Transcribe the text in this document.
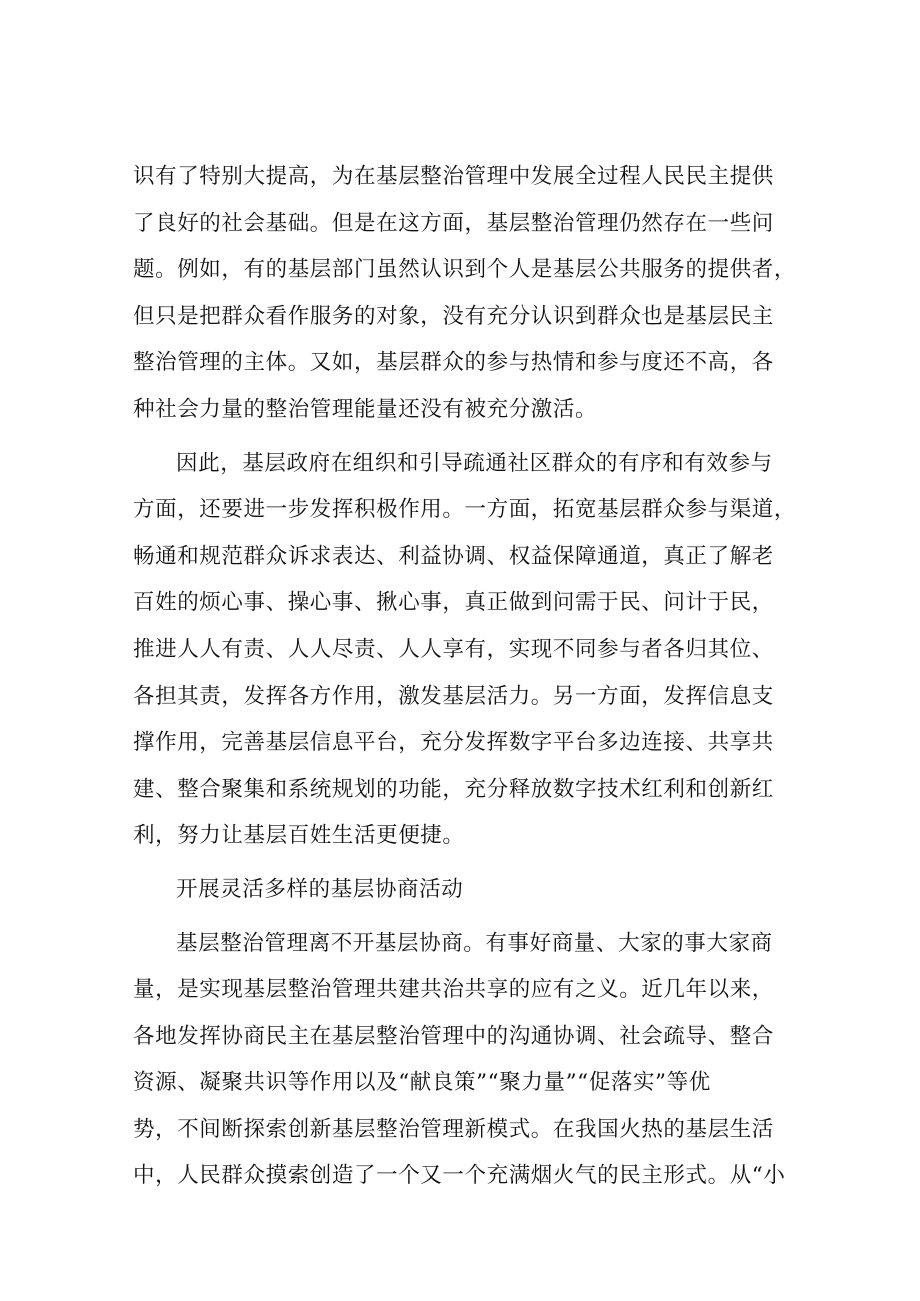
识有了特别大提高，为在基层整治管理中发展全过程人民民主提供
了良好的社会基础。但是在这方面，基层整治管理仍然存在一些问
题。例如，有的基层部门虽然认识到个人是基层公共服务的提供者，
但只是把群众看作服务的对象，没有充分认识到群众也是基层民主
整治管理的主体。又如，基层群众的参与热情和参与度还不高，各
种社会力量的整治管理能量还没有被充分激活。
因此，基层政府在组织和引导疏通社区群众的有序和有效参与
方面，还要进一步发挥积极作用。一方面，拓宽基层群众参与渠道，
畅通和规范群众诉求表达、利益协调、权益保障通道，真正了解老
百姓的烦心事、操心事、揪心事，真正做到问需于民、问计于民，
推进人人有责、人人尽责、人人享有，实现不同参与者各归其位、
各担其责，发挥各方作用，激发基层活力。另一方面，发挥信息支
撑作用，完善基层信息平台，充分发挥数字平台多边连接、共享共
建、整合聚集和系统规划的功能，充分释放数字技术红利和创新红
利，努力让基层百姓生活更便捷。
开展灵活多样的基层协商活动
基层整治管理离不开基层协商。有事好商量、大家的事大家商
量，是实现基层整治管理共建共治共享的应有之义。近几年以来，
各地发挥协商民主在基层整治管理中的沟通协调、社会疏导、整合
资源、凝聚共识等作用以及“献良策”“聚力量”“促落实”等优
势，不间断探索创新基层整治管理新模式。在我国火热的基层生活
中，人民群众摸索创造了一个又一个充满烟火气的民主形式。从“小
